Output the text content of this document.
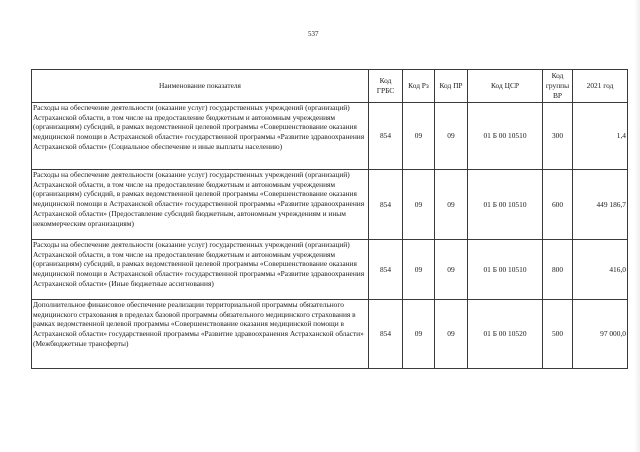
537
Наименование показателя	Код ГРБС	Код Рз	Код ПР	Код ЦСР	Код группы ВР	2021 год
Расходы на обеспечение деятельности (оказание услуг) государственных учреждений (организаций) Астраханской области, в том числе на предоставление бюджетным и автономным учреждениям (организациям) субсидий, в рамках ведомственной целевой программы «Совершенствование оказания медицинской помощи в Астраханской области» государственной программы «Развитие здравоохранения Астраханской области» (Социальное обеспечение и иные выплаты населению)	854	09	09	01 Б 00 10510	300	1,4
Расходы на обеспечение деятельности (оказание услуг) государственных учреждений (организаций) Астраханской области, в том числе на предоставление бюджетным и автономным учреждениям (организациям) субсидий, в рамках ведомственной целевой программы «Совершенствование оказания медицинской помощи в Астраханской области» государственной программы «Развитие здравоохранения Астраханской области» (Предоставление субсидий бюджетным, автономным учреждениям и иным некоммерческим организациям)	854	09	09	01 Б 00 10510	600	449 186,7
Расходы на обеспечение деятельности (оказание услуг) государственных учреждений (организаций) Астраханской области, в том числе на предоставление бюджетным и автономным учреждениям (организациям) субсидий, в рамках ведомственной целевой программы «Совершенствование оказания медицинской помощи в Астраханской области» государственной программы «Развитие здравоохранения Астраханской области» (Иные бюджетные ассигнования)	854	09	09	01 Б 00 10510	800	416,0
Дополнительное финансовое обеспечение реализации территориальной программы обязательного медицинского страхования в пределах базовой программы обязательного медицинского страхования в рамках ведомственной целевой программы «Совершенствование оказания медицинской помощи в Астраханской области» государственной программы «Развитие здравоохранения Астраханской области» (Межбюджетные трансферты)	854	09	09	01 Б 00 10520	500	97 000,0
